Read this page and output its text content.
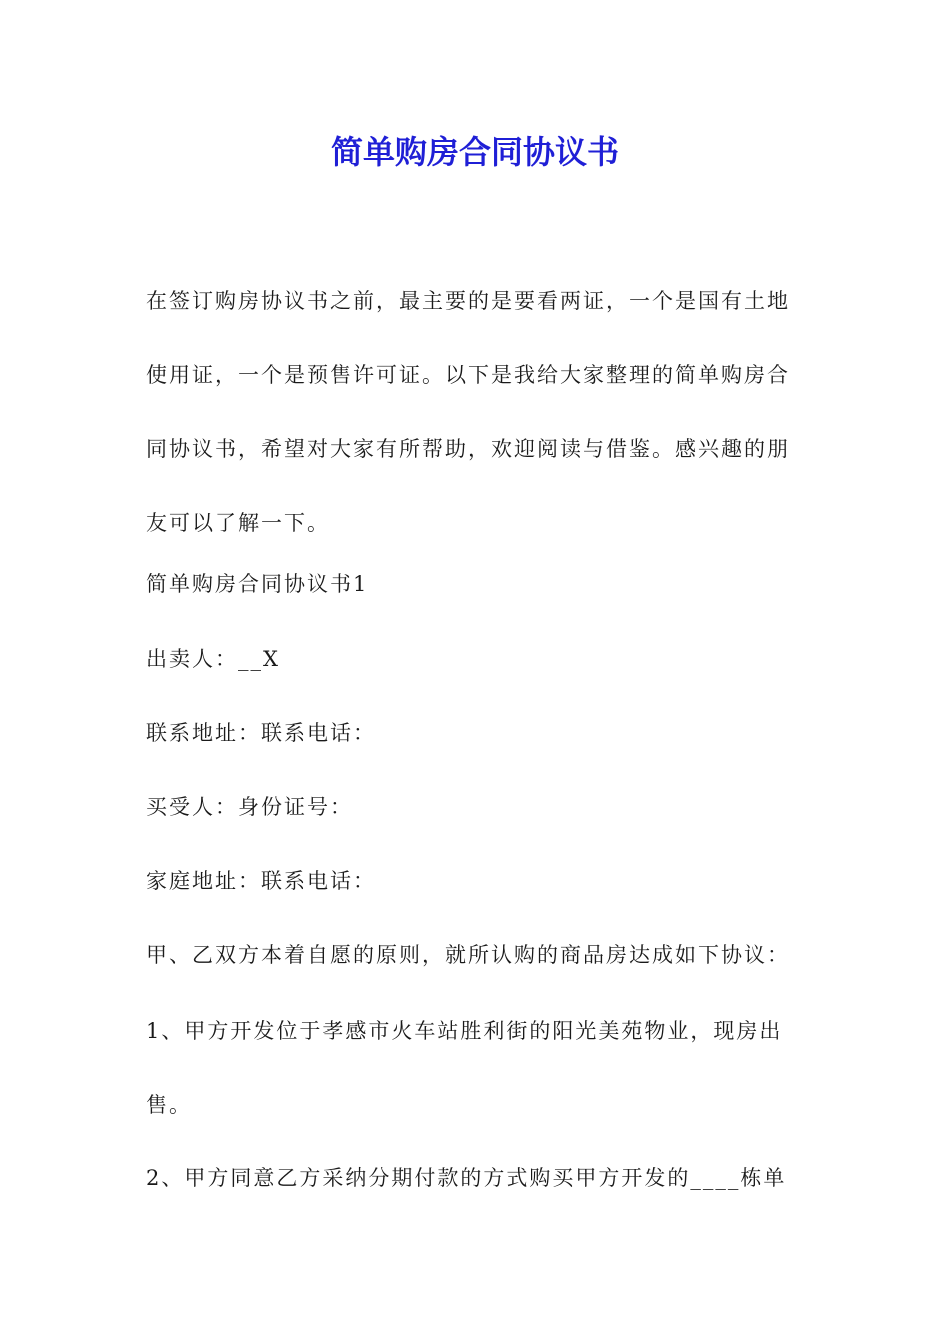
简单购房合同协议书

在签订购房协议书之前，最主要的是要看两证，一个是国有土地使用证，一个是预售许可证。以下是我给大家整理的简单购房合同协议书，希望对大家有所帮助，欢迎阅读与借鉴。感兴趣的朋友可以了解一下。

简单购房合同协议书1

出卖人：__X

联系地址：联系电话：

买受人：身份证号：

家庭地址：联系电话：

甲、乙双方本着自愿的原则，就所认购的商品房达成如下协议：

1、甲方开发位于孝感市火车站胜利街的阳光美苑物业，现房出售。

2、甲方同意乙方采纳分期付款的方式购买甲方开发的____栋单
